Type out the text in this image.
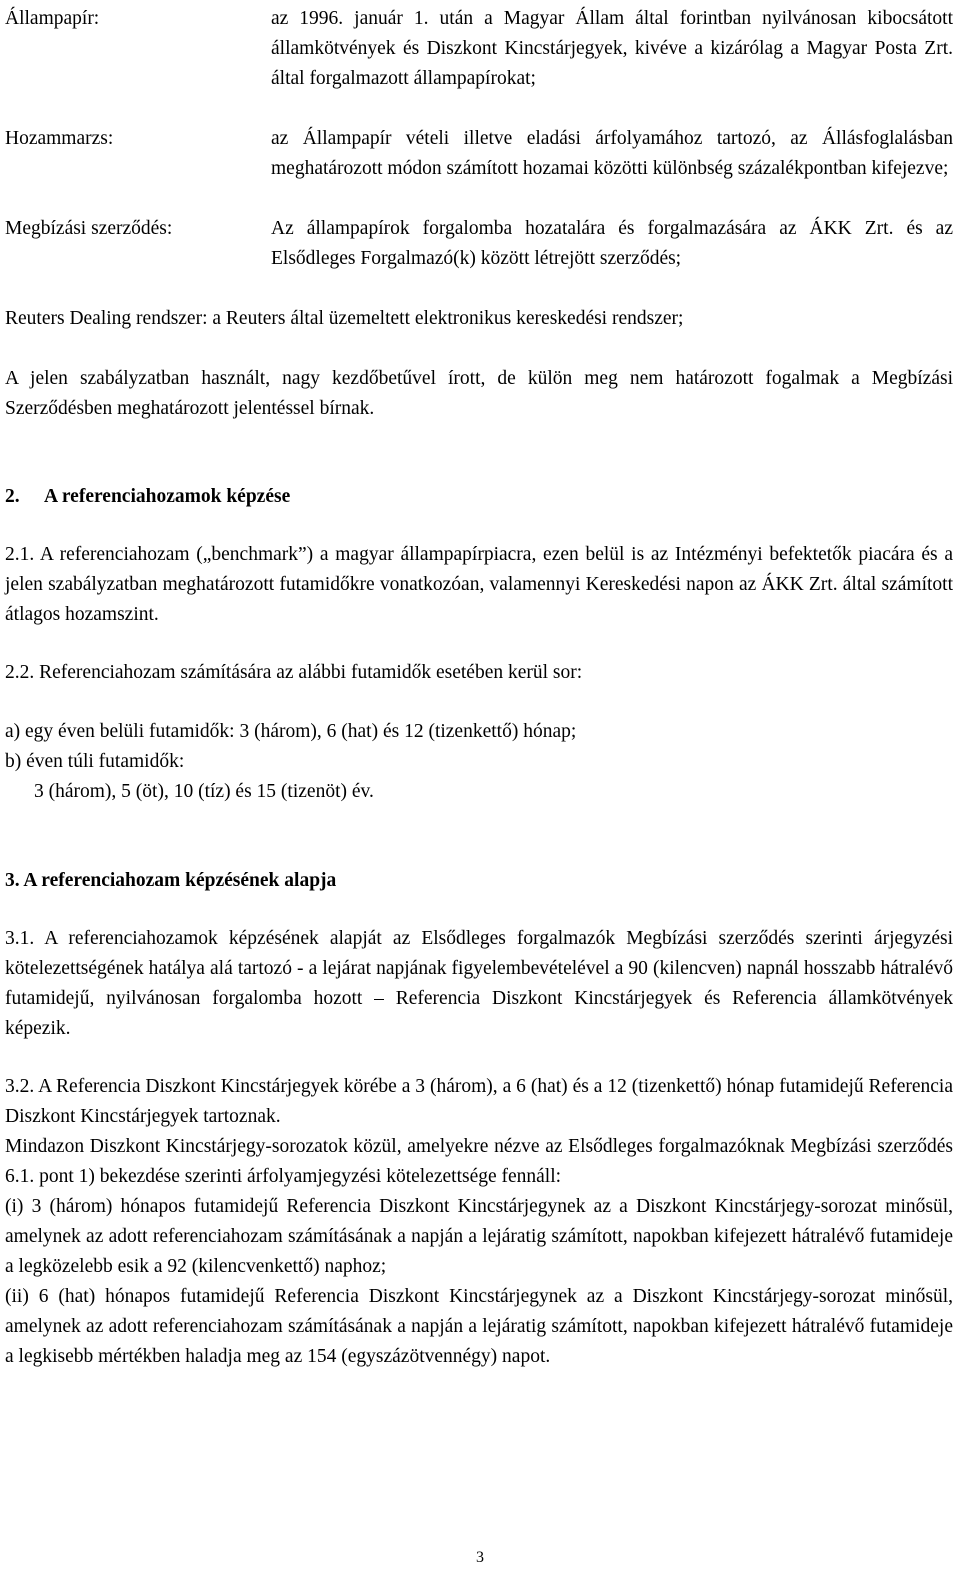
Állampapír:	az 1996. január 1. után a Magyar Állam által forintban nyilvánosan kibocsátott államkötvények és Diszkont Kincstárjegyek, kivéve a kizárólag a Magyar Posta Zrt. által forgalmazott állampapírokat;
Hozammarzs:	az Állampapír vételi illetve eladási árfolyamához tartozó, az Állásfoglalásban meghatározott módon számított hozamai közötti különbség százalékpontban kifejezve;
Megbízási szerződés:	Az állampapírok forgalomba hozatalára és forgalmazására az ÁKK Zrt. és az Elsődleges Forgalmazó(k) között létrejött szerződés;

Reuters Dealing rendszer: a Reuters által üzemeltett elektronikus kereskedési rendszer;

A jelen szabályzatban használt, nagy kezdőbetűvel írott, de külön meg nem határozott fogalmak a Megbízási Szerződésben meghatározott jelentéssel bírnak.

2.     A referenciahozamok képzése

2.1. A referenciahozam („benchmark”) a magyar állampapírpiacra, ezen belül is az Intézményi befektetők piacára és a jelen szabályzatban meghatározott futamidőkre vonatkozóan, valamennyi Kereskedési napon az ÁKK Zrt. által számított átlagos hozamszint.

2.2. Referenciahozam számítására az alábbi futamidők esetében kerül sor:

a) egy éven belüli futamidők: 3 (három), 6 (hat) és 12 (tizenkettő) hónap;

b) éven túli futamidők:

3 (három), 5 (öt), 10 (tíz) és 15 (tizenöt) év.

3. A referenciahozam képzésének alapja

3.1. A referenciahozamok képzésének alapját az Elsődleges forgalmazók Megbízási szerződés szerinti árjegyzési kötelezettségének hatálya alá tartozó - a lejárat napjának figyelembevételével a 90 (kilencven) napnál hosszabb hátralévő futamidejű, nyilvánosan forgalomba hozott – Referencia Diszkont Kincstárjegyek és Referencia államkötvények képezik.

3.2. A Referencia Diszkont Kincstárjegyek körébe a 3 (három), a 6 (hat) és a 12 (tizenkettő) hónap futamidejű Referencia Diszkont Kincstárjegyek tartoznak.

Mindazon Diszkont Kincstárjegy-sorozatok közül, amelyekre nézve az Elsődleges forgalmazóknak Megbízási szerződés 6.1. pont 1) bekezdése szerinti árfolyamjegyzési kötelezettsége fennáll:

(i) 3 (három) hónapos futamidejű Referencia Diszkont Kincstárjegynek az a Diszkont Kincstárjegy-sorozat minősül, amelynek az adott referenciahozam számításának a napján a lejáratig számított, napokban kifejezett hátralévő futamideje a legközelebb esik a 92 (kilencvenkettő) naphoz;

(ii) 6 (hat) hónapos futamidejű Referencia Diszkont Kincstárjegynek az a Diszkont Kincstárjegy-sorozat minősül, amelynek az adott referenciahozam számításának a napján a lejáratig számított, napokban kifejezett hátralévő futamideje a legkisebb mértékben haladja meg az 154 (egyszázötvennégy) napot.

3
